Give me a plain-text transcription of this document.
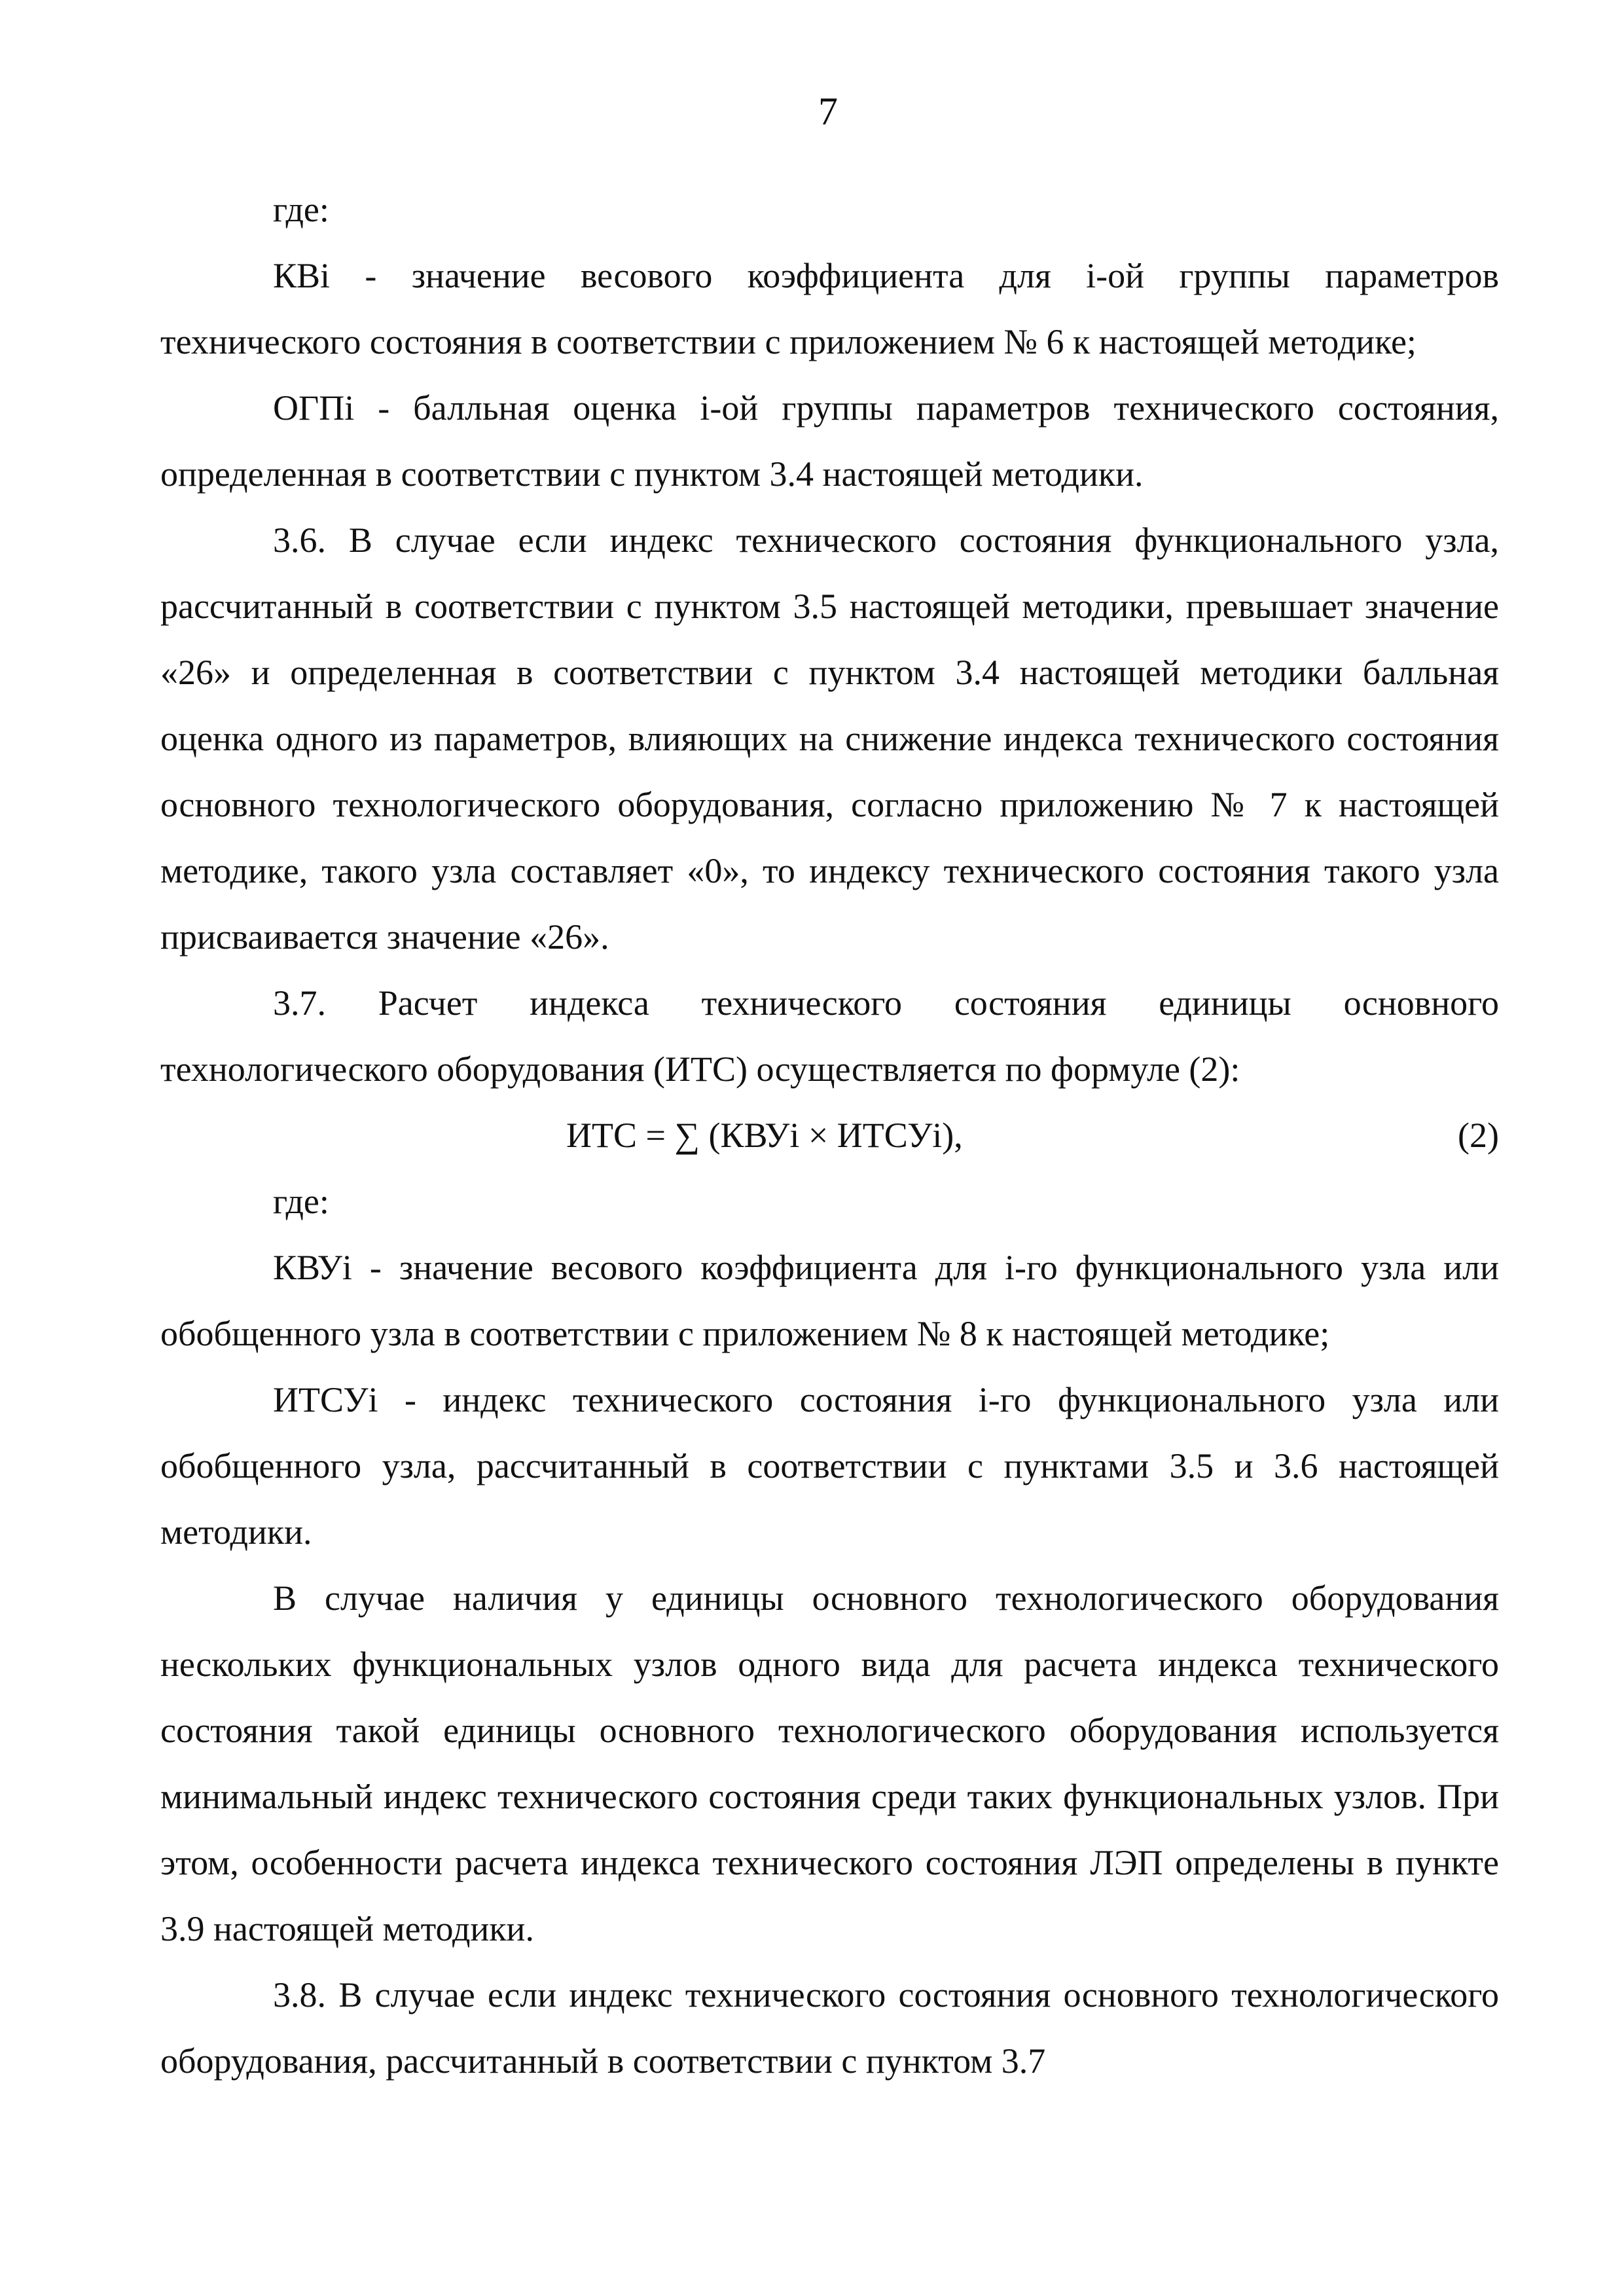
7

где:

КВi - значение весового коэффициента для i-ой группы параметров технического состояния в соответствии с приложением № 6 к настоящей методике;

ОГПi - балльная оценка i-ой группы параметров технического состояния, определенная в соответствии с пунктом 3.4 настоящей методики.

3.6. В случае если индекс технического состояния функционального узла, рассчитанный в соответствии с пунктом 3.5 настоящей методики, превышает значение «26» и определенная в соответствии с пунктом 3.4 настоящей методики балльная оценка одного из параметров, влияющих на снижение индекса технического состояния основного технологического оборудования, согласно приложению № 7 к настоящей методике, такого узла составляет «0», то индексу технического состояния такого узла присваивается значение «26».

3.7. Расчет индекса технического состояния единицы основного технологического оборудования (ИТС) осуществляется по формуле (2):

ИТС = ∑ (КВУi × ИТСУi),	(2)

где:

КВУi - значение весового коэффициента для i-го функционального узла или обобщенного узла в соответствии с приложением № 8 к настоящей методике;

ИТСУi - индекс технического состояния i-го функционального узла или обобщенного узла, рассчитанный в соответствии с пунктами 3.5 и 3.6 настоящей методики.

В случае наличия у единицы основного технологического оборудования нескольких функциональных узлов одного вида для расчета индекса технического состояния такой единицы основного технологического оборудования используется минимальный индекс технического состояния среди таких функциональных узлов. При этом, особенности расчета индекса технического состояния ЛЭП определены в пункте 3.9 настоящей методики.

3.8. В случае если индекс технического состояния основного технологического оборудования, рассчитанный в соответствии с пунктом 3.7
